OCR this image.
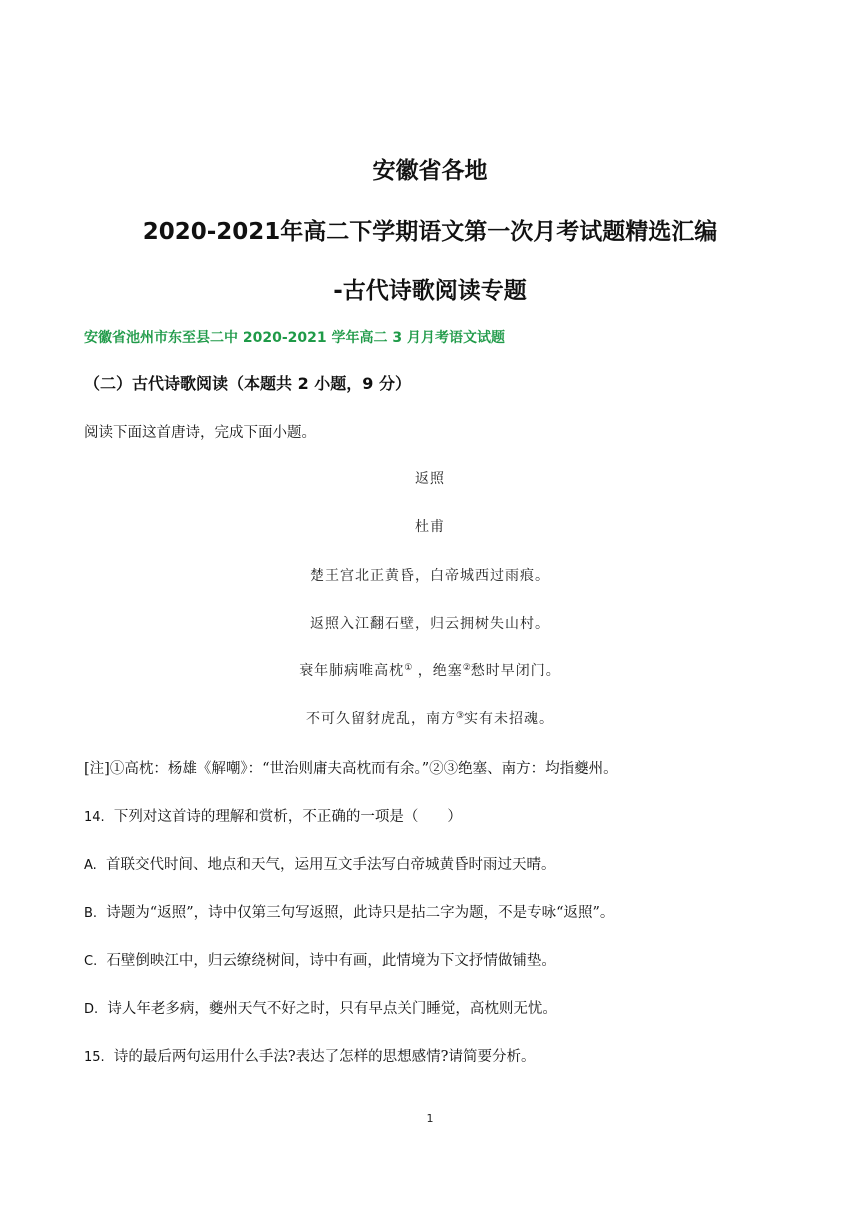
安徽省各地
2020-2021年高二下学期语文第一次月考试题精选汇编
-古代诗歌阅读专题
安徽省池州市东至县二中 2020-2021 学年高二 3 月月考语文试题
（二）古代诗歌阅读（本题共 2 小题，9 分）
阅读下面这首唐诗，完成下面小题。
返照
杜甫
楚王宫北正黄昏，白帝城西过雨痕。
返照入江翻石壁，归云拥树失山村。
衰年肺病唯高枕① ，绝塞②愁时早闭门。
不可久留豺虎乱，南方③实有未招魂。
[注]①高枕：杨雄《解嘲》：“世治则庸夫高枕而有余。”②③绝塞、南方：均指夔州。
14. 下列对这首诗的理解和赏析，不正确的一项是（　　）
A. 首联交代时间、地点和天气，运用互文手法写白帝城黄昏时雨过天晴。
B. 诗题为“返照”，诗中仅第三句写返照，此诗只是拈二字为题，不是专咏“返照”。
C. 石壁倒映江中，归云缭绕树间，诗中有画，此情境为下文抒情做铺垫。
D. 诗人年老多病，夔州天气不好之时，只有早点关门睡觉，高枕则无忧。
15. 诗的最后两句运用什么手法?表达了怎样的思想感情?请简要分析。
1
